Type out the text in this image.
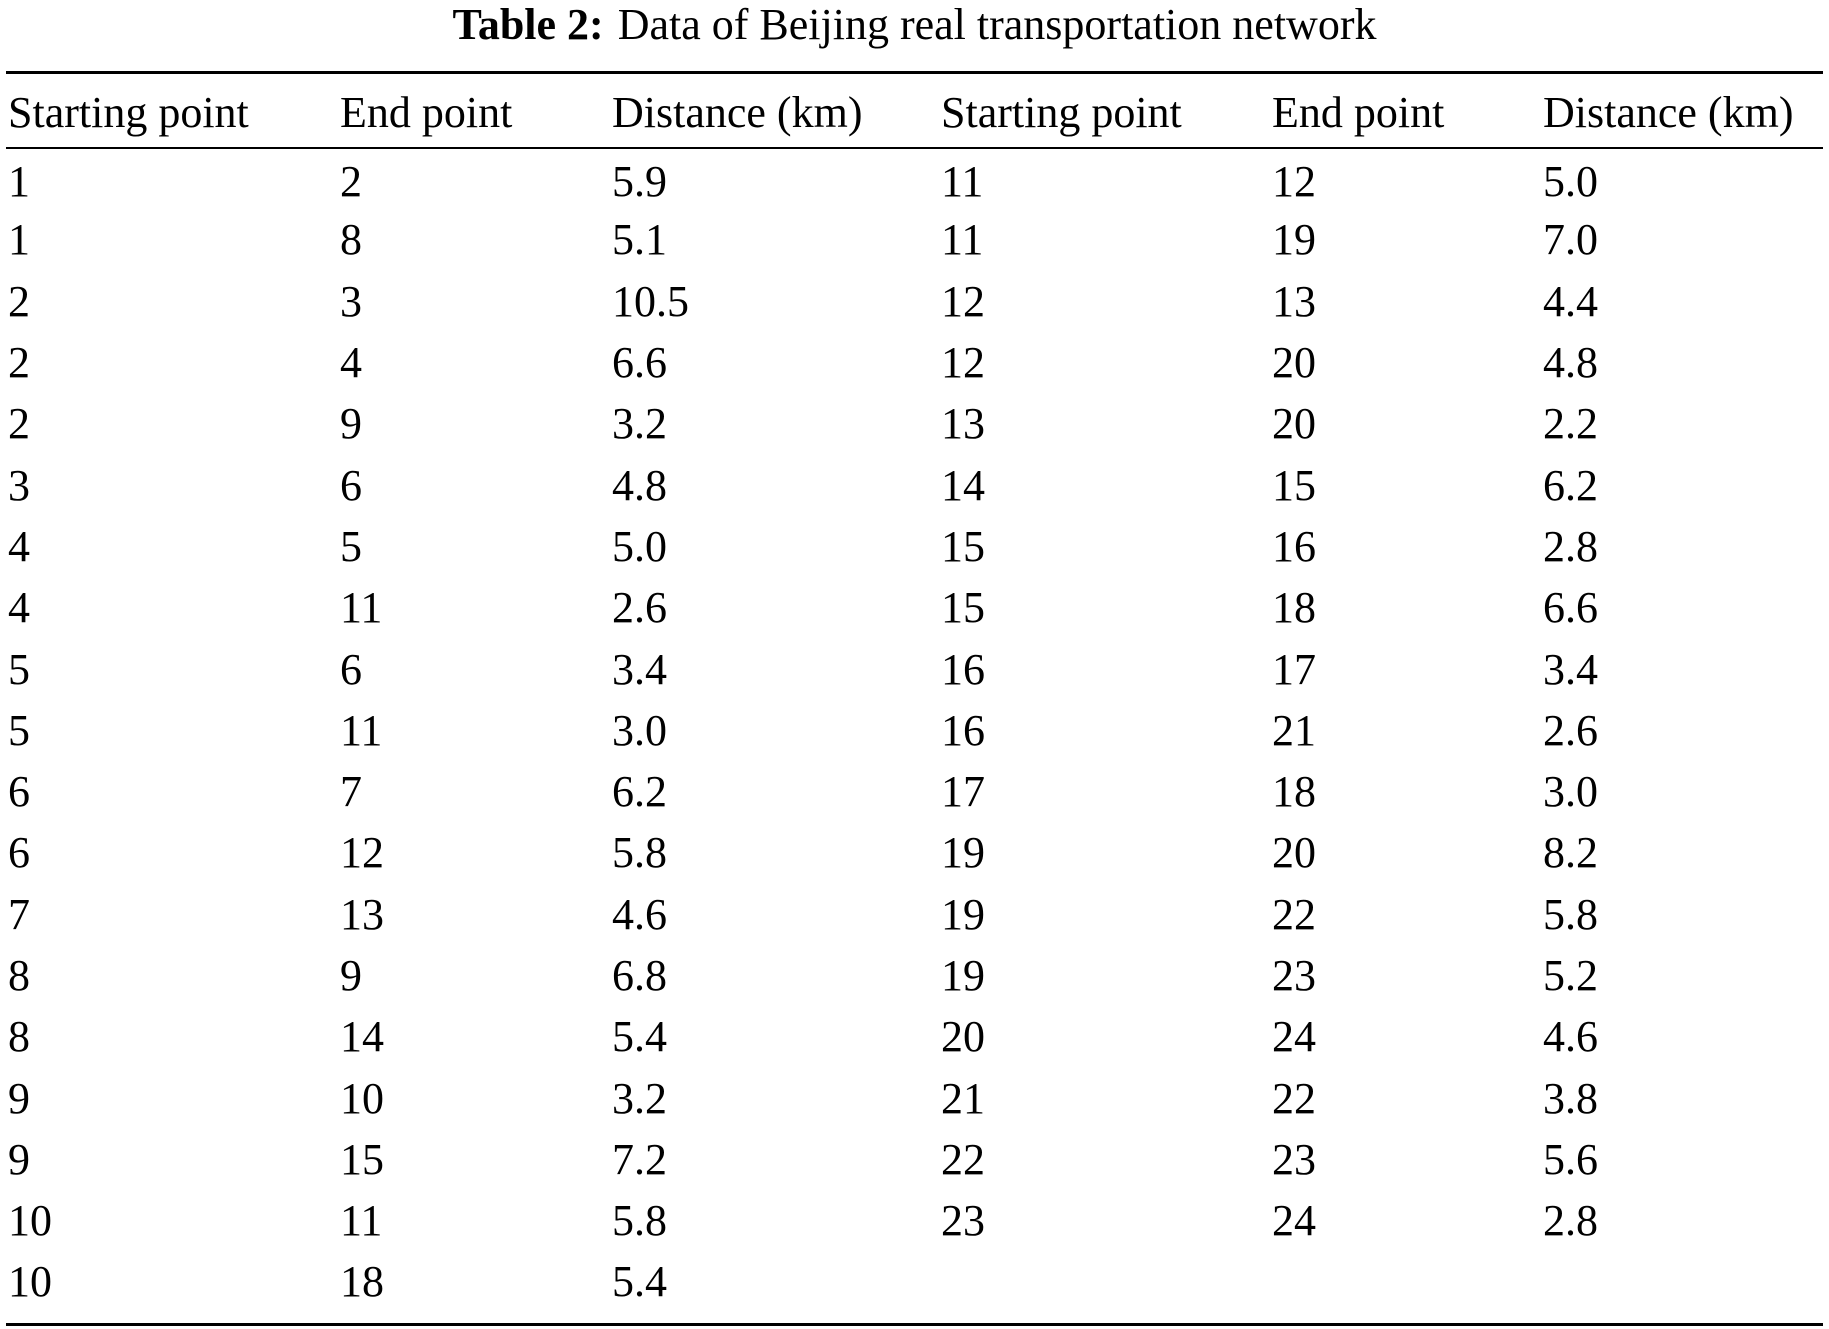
Table 2: Data of Beijing real transportation network
Starting point	End point	Distance (km)	Starting point	End point	Distance (km)
1	2	5.9	11	12	5.0
1	8	5.1	11	19	7.0
2	3	10.5	12	13	4.4
2	4	6.6	12	20	4.8
2	9	3.2	13	20	2.2
3	6	4.8	14	15	6.2
4	5	5.0	15	16	2.8
4	11	2.6	15	18	6.6
5	6	3.4	16	17	3.4
5	11	3.0	16	21	2.6
6	7	6.2	17	18	3.0
6	12	5.8	19	20	8.2
7	13	4.6	19	22	5.8
8	9	6.8	19	23	5.2
8	14	5.4	20	24	4.6
9	10	3.2	21	22	3.8
9	15	7.2	22	23	5.6
10	11	5.8	23	24	2.8
10	18	5.4			
